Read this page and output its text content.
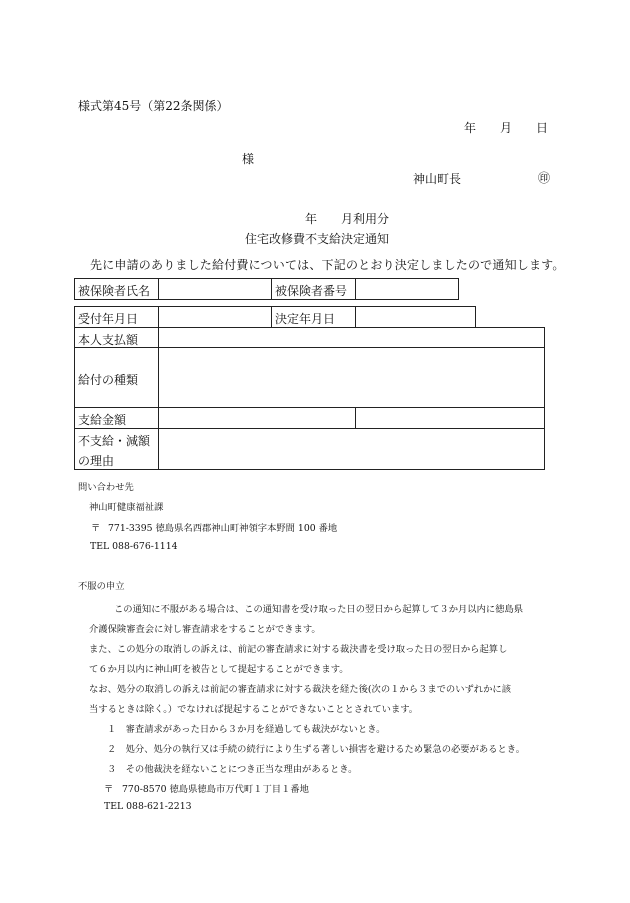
様式第45号（第22条関係）
年 月 日
様
神山町長	㊞
年 月利用分
住宅改修費不支給決定通知
先に申請のありました給付費については、下記のとおり決定しましたので通知します。
被保険者氏名	被保険者番号
受付年月日	決定年月日
本人支払額
給付の種類
支給金額
不支給・減額
の理由
問い合わせ先
神山町健康福祉課
〒 771-3395 徳島県名西郡神山町神領字本野間 100 番地
TEL 088-676-1114
不服の申立
この通知に不服がある場合は、この通知書を受け取った日の翌日から起算して３か月以内に徳島県
介護保険審査会に対し審査請求をすることができます。
また、この処分の取消しの訴えは、前記の審査請求に対する裁決書を受け取った日の翌日から起算し
て６か月以内に神山町を被告として提起することができます。
なお、処分の取消しの訴えは前記の審査請求に対する裁決を経た後(次の１から３までのいずれかに該
当するときは除く。）でなければ提起することができないこととされています。
１　審査請求があった日から３か月を経過しても裁決がないとき。
２　処分、処分の執行又は手続の続行により生ずる著しい損害を避けるため緊急の必要があるとき。
３　その他裁決を経ないことにつき正当な理由があるとき。
〒 770-8570 徳島県徳島市万代町１丁目１番地
TEL 088-621-2213
